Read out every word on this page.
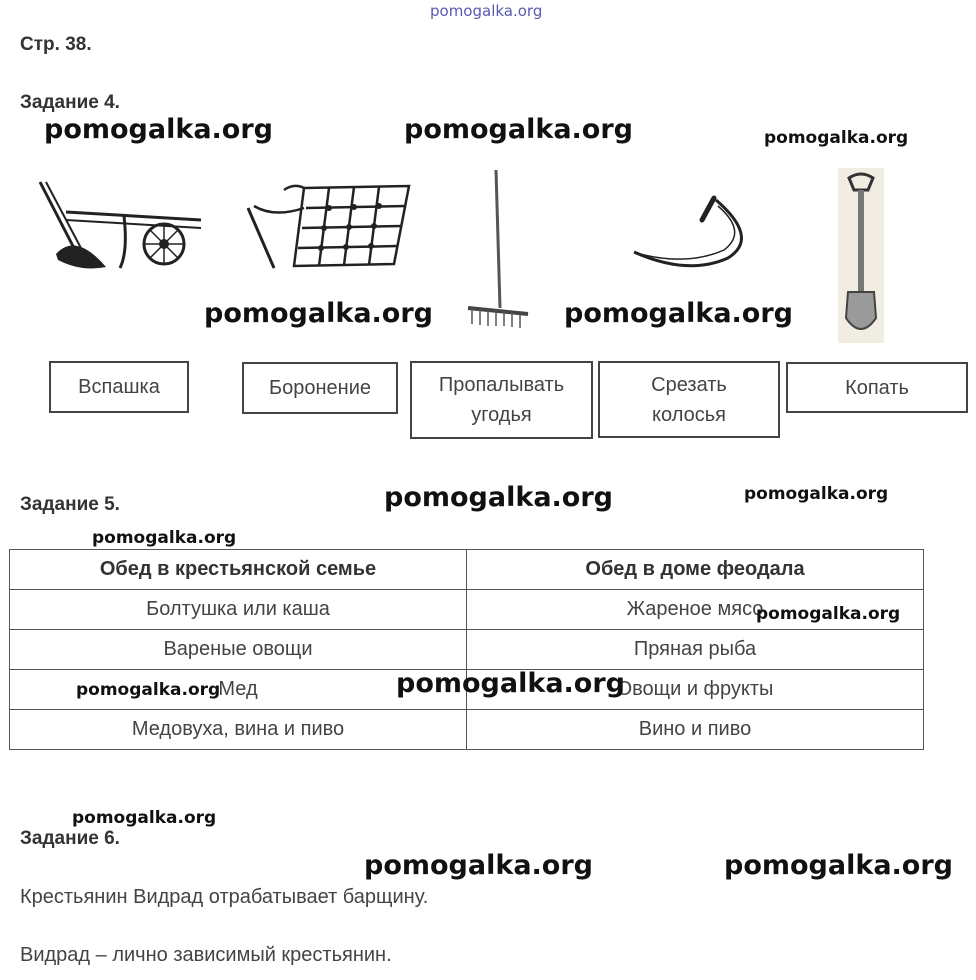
pomogalka.org
Стр. 38.
Задание 4.
pomogalka.org	pomogalka.org	pomogalka.org
pomogalka.org	pomogalka.org
Вспашка	Боронение	Пропалывать
угодья
Срезать
колосья
Копать
Задание 5.	pomogalka.org	pomogalka.org
pomogalka.org
Обед в крестьянской семье	Обед в доме феодала
Болтушка или каша	Жареное мясо
Вареные овощи	Пряная рыба
Мед	Овощи и фрукты
Медовуха, вина и пиво	Вино и пиво
pomogalka.org
pomogalka.org	pomogalka.org
pomogalka.org
Задание 6.
pomogalka.org	pomogalka.org
Крестьянин Видрад отрабатывает барщину.
Видрад – лично зависимый крестьянин.
